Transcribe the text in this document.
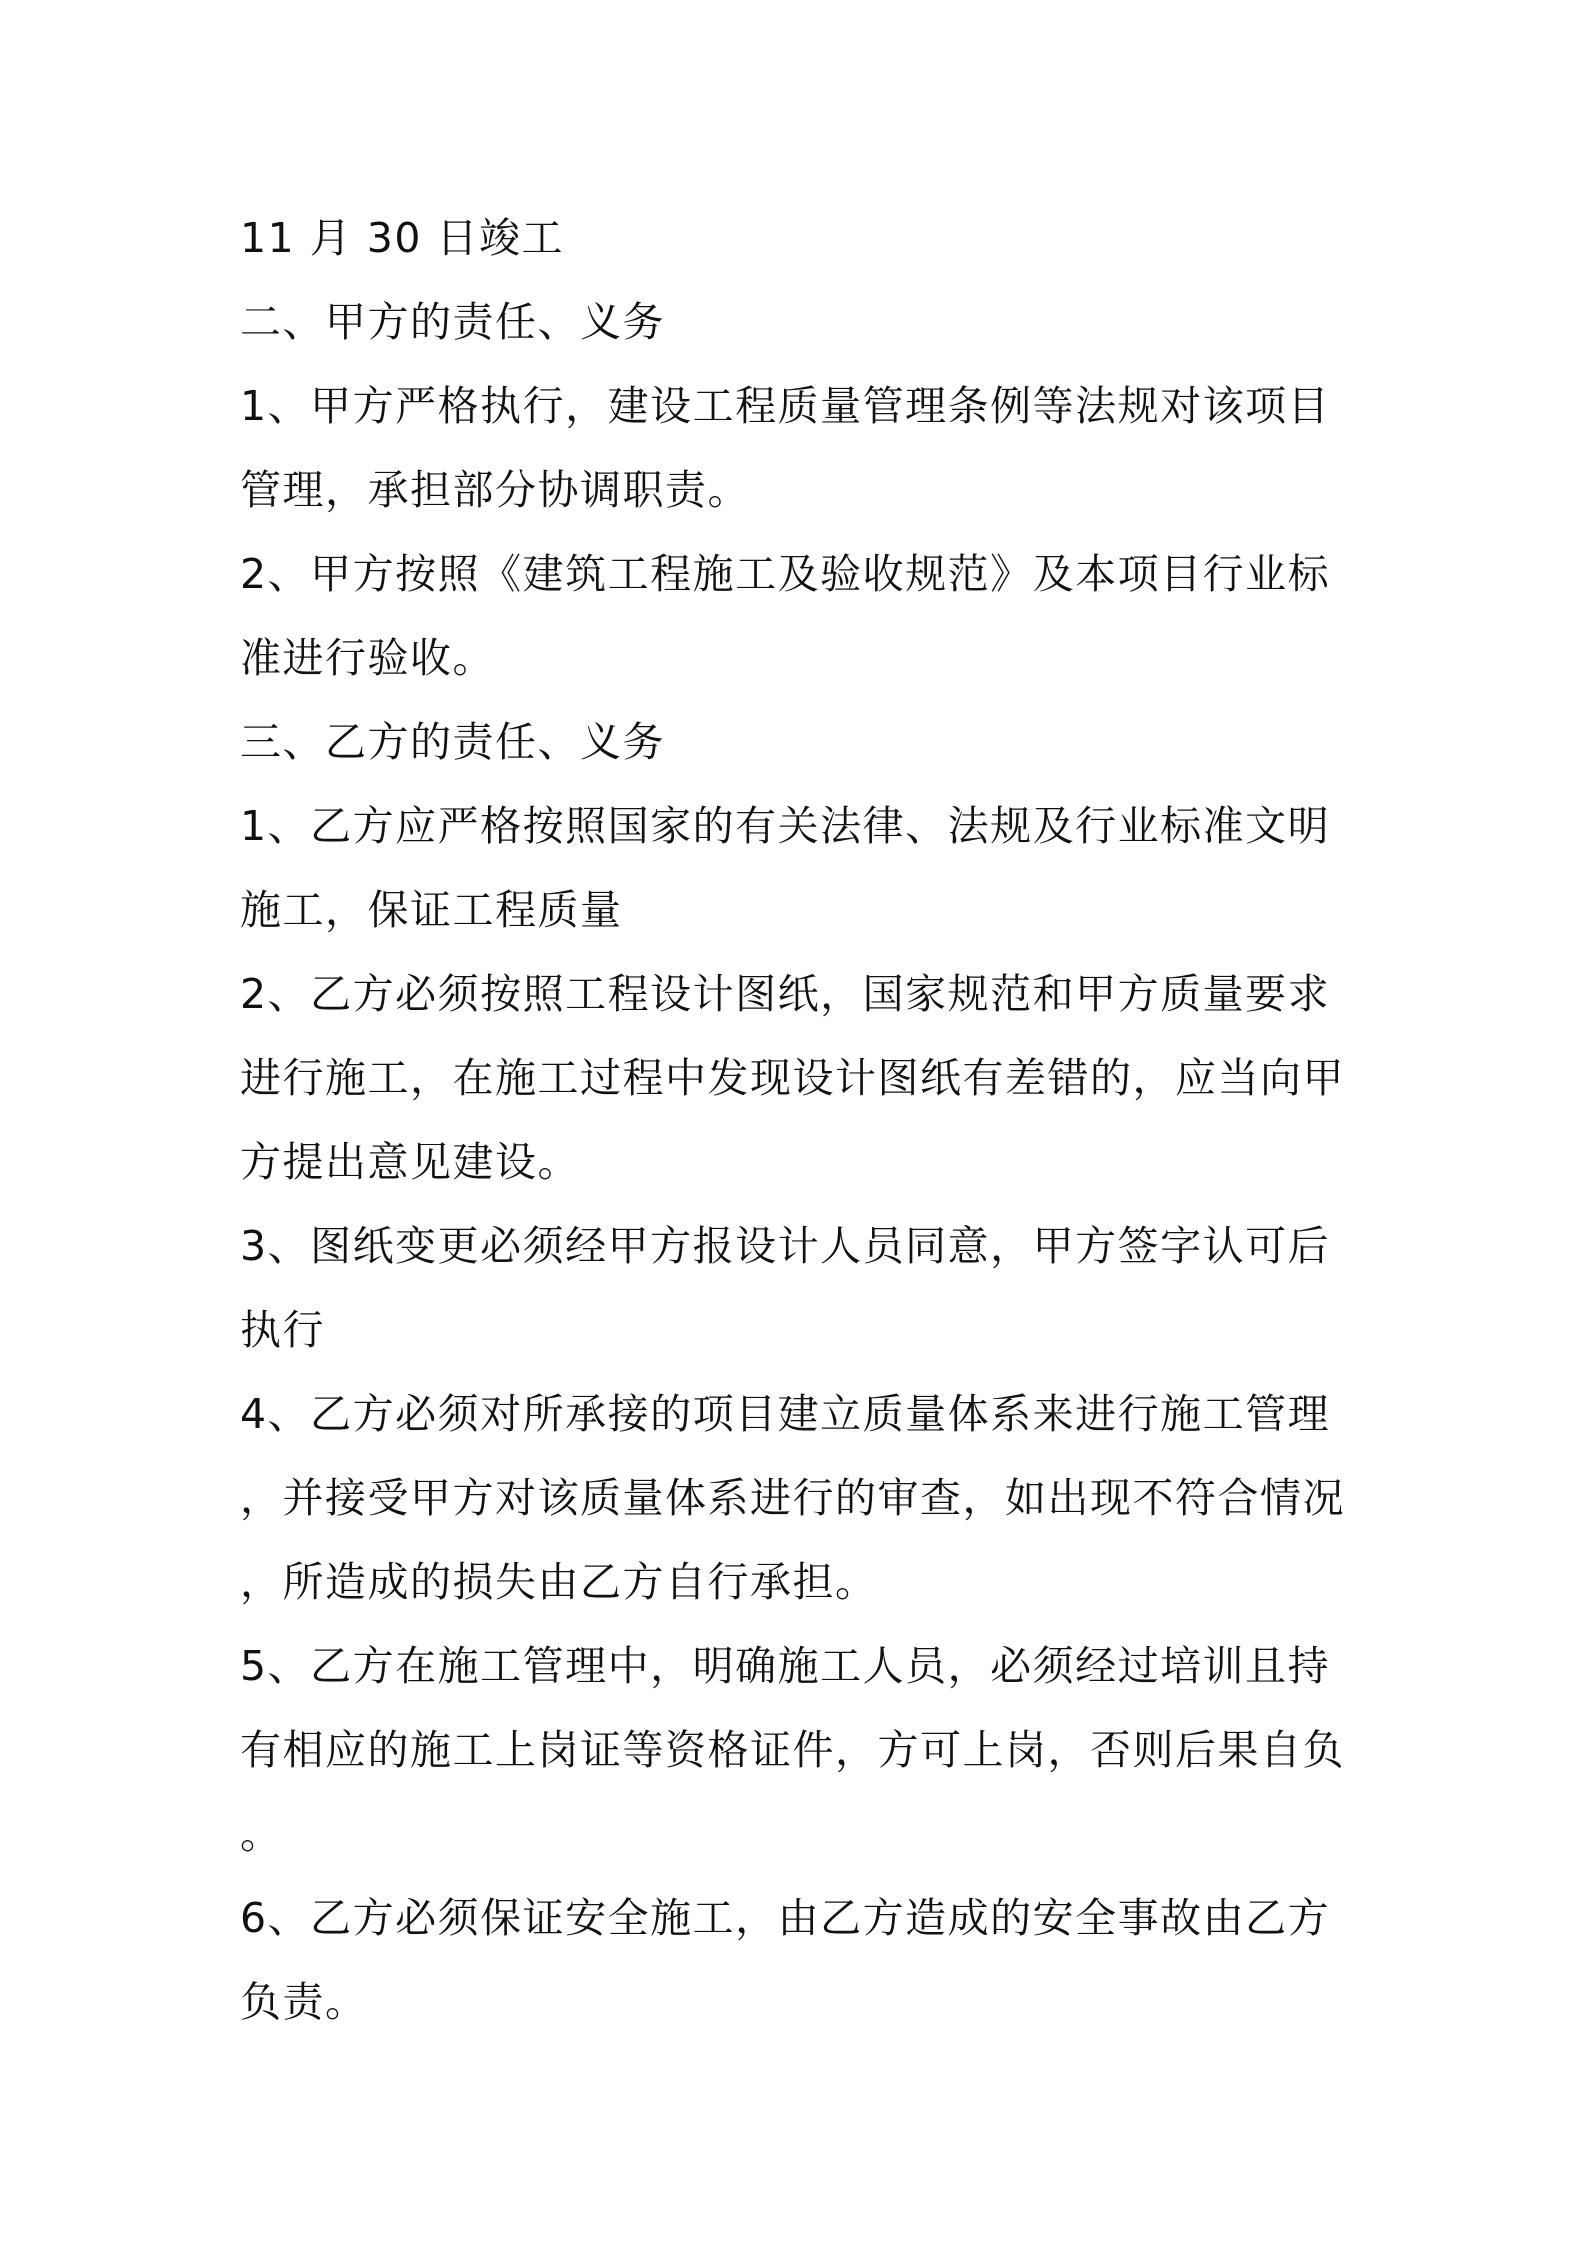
11 月 30 日竣工
二、甲方的责任、义务
1、甲方严格执行，建设工程质量管理条例等法规对该项目
管理，承担部分协调职责。
2、甲方按照《建筑工程施工及验收规范》及本项目行业标
准进行验收。
三、乙方的责任、义务
1、乙方应严格按照国家的有关法律、法规及行业标准文明
施工，保证工程质量
2、乙方必须按照工程设计图纸，国家规范和甲方质量要求
进行施工，在施工过程中发现设计图纸有差错的，应当向甲
方提出意见建设。
3、图纸变更必须经甲方报设计人员同意，甲方签字认可后
执行
4、乙方必须对所承接的项目建立质量体系来进行施工管理
，并接受甲方对该质量体系进行的审查，如出现不符合情况
，所造成的损失由乙方自行承担。
5、乙方在施工管理中，明确施工人员，必须经过培训且持
有相应的施工上岗证等资格证件，方可上岗，否则后果自负
。
6、乙方必须保证安全施工，由乙方造成的安全事故由乙方
负责。
